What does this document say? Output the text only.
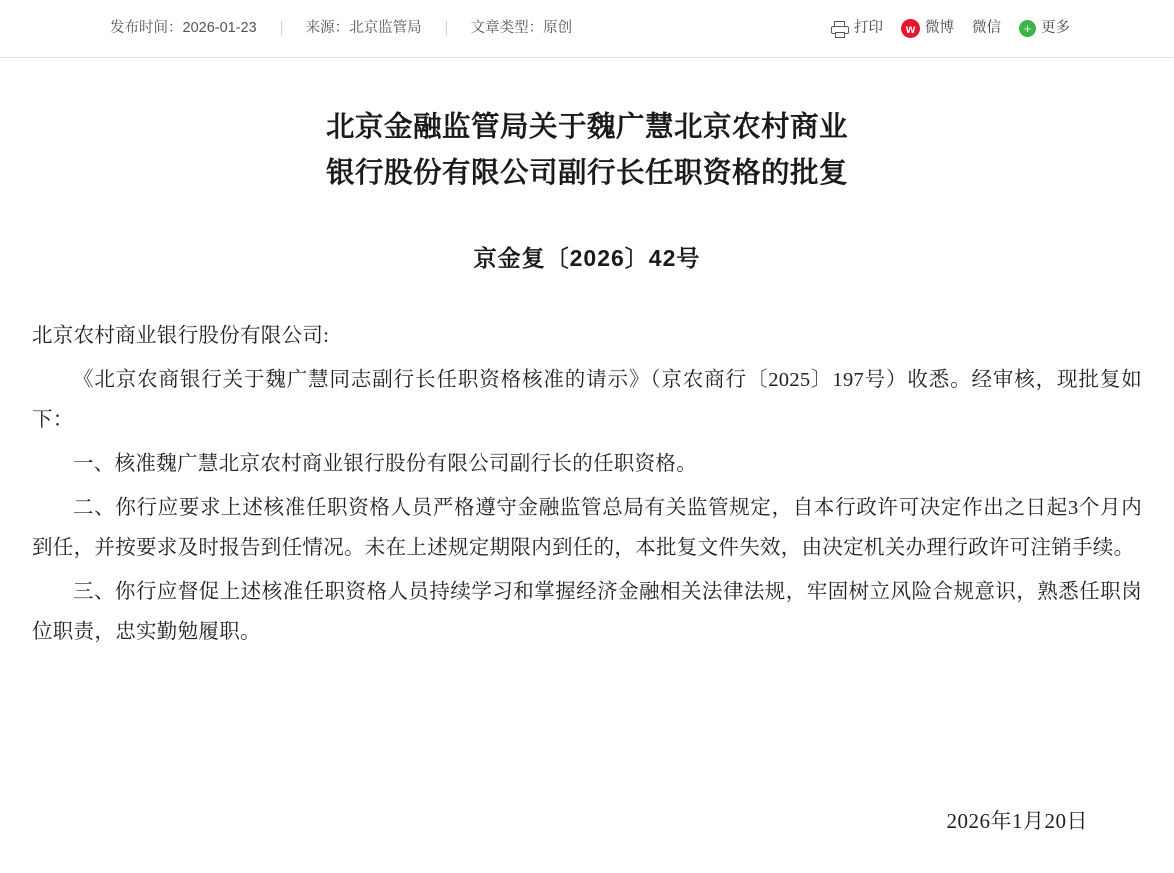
发布时间：2026-01-23	来源：北京监管局	文章类型：原创	打印	w 微博 微信	+ 更多
北京金融监管局关于魏广慧北京农村商业
银行股份有限公司副行长任职资格的批复
京金复〔2026〕42号

北京农村商业银行股份有限公司:

《北京农商银行关于魏广慧同志副行长任职资格核准的请示》（京农商行〔2025〕197号）收悉。经审核，现批复如下：

一、核准魏广慧北京农村商业银行股份有限公司副行长的任职资格。

二、你行应要求上述核准任职资格人员严格遵守金融监管总局有关监管规定，自本行政许可决定作出之日起3个月内到任，并按要求及时报告到任情况。未在上述规定期限内到任的，本批复文件失效，由决定机关办理行政许可注销手续。

三、你行应督促上述核准任职资格人员持续学习和掌握经济金融相关法律法规，牢固树立风险合规意识，熟悉任职岗位职责，忠实勤勉履职。

2026年1月20日
